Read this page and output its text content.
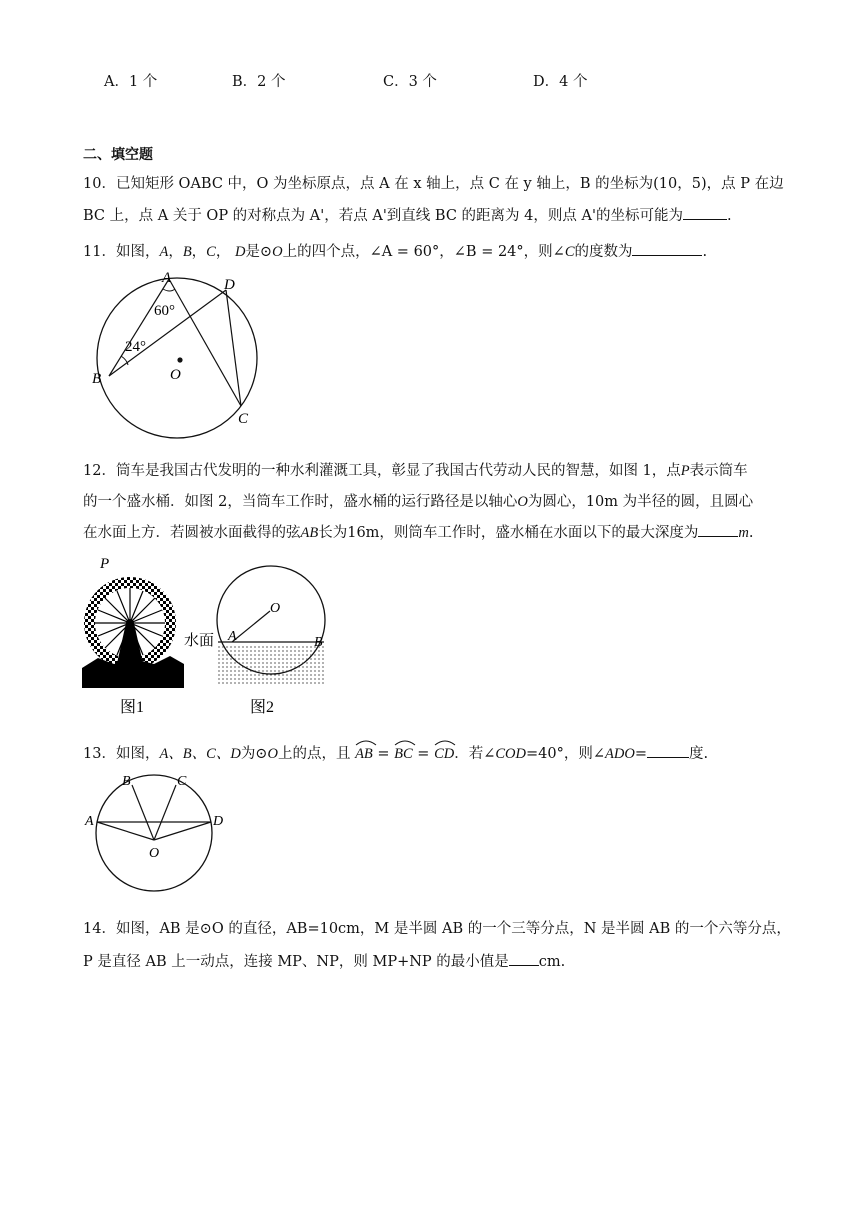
A．1 个	B．2 个	C．3 个	D．4 个
二、填空题
10．已知矩形 OABC 中，O 为坐标原点，点 A 在 x 轴上，点 C 在 y 轴上，B 的坐标为(10，5)，点 P 在边
BC 上，点 A 关于 OP 的对称点为 A'，若点 A'到直线 BC 的距离为 4，则点 A'的坐标可能为	.
11．如图，A，B，C， D是⊙O上的四个点，∠A = 60°，∠B = 24°，则∠C的度数为	.
A	D
B
C
O
60°
24°
12．筒车是我国古代发明的一种水利灌溉工具，彰显了我国古代劳动人民的智慧，如图 1，点P表示筒车
的一个盛水桶．如图 2，当筒车工作时，盛水桶的运行路径是以轴心O为圆心，10m 为半径的圆，且圆心
在水面上方．若圆被水面截得的弦AB长为16m，则筒车工作时，盛水桶在水面以下的最大深度为	m.
P
图1
水面 A	B
O
图2
13．如图，A、B、C、D为⊙O上的点，且 AB = BC = CD．若∠COD=40°，则∠ADO=	度.
B	C
A	D
O
14．如图，AB 是⊙O 的直径，AB=10cm，M 是半圆 AB 的一个三等分点，N 是半圆 AB 的一个六等分点，
P 是直径 AB 上一动点，连接 MP、NP，则 MP+NP 的最小值是 cm.
